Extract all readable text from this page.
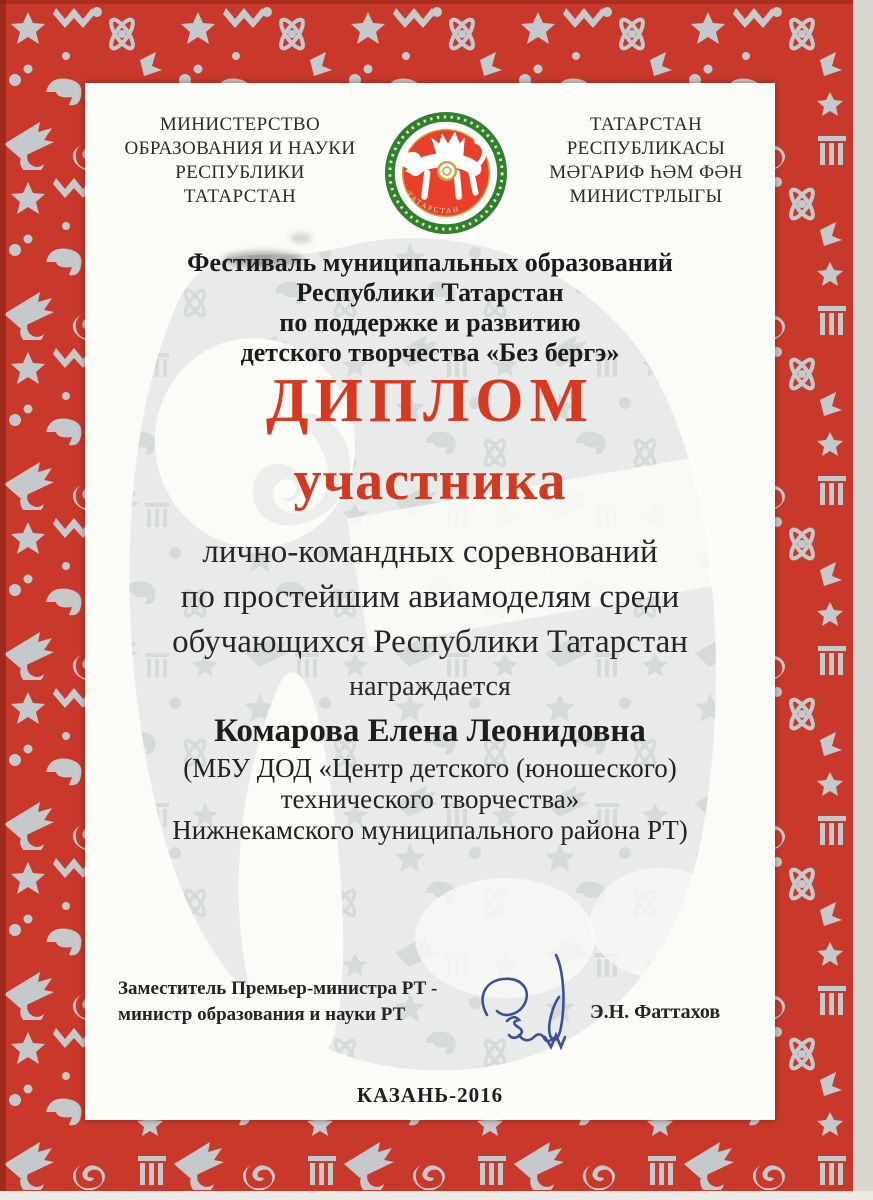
МИНИСТЕРСТВО
ОБРАЗОВАНИЯ И НАУКИ
РЕСПУБЛИКИ
ТАТАРСТАН	ТАТАРСТАН
ТАТАРСТАН
РЕСПУБЛИКАСЫ
МӘГАРИФ ҺӘМ ФӘН
МИНИСТРЛЫГЫ
Фестиваль муниципальных образований
Республики Татарстан
по поддержке и развитию
детского творчества «Без бергэ»
ДИПЛОМ
участника
лично-командных соревнований
по простейшим авиамоделям среди
обучающихся Республики Татарстан
награждается
Комарова Елена Леонидовна
(МБУ ДОД «Центр детского (юношеского)
технического творчества»
Нижнекамского муниципального района РТ)
Заместитель Премьер-министра РТ -
министр образования и науки РТ	Э.Н. Фаттахов
КАЗАНЬ-2016
